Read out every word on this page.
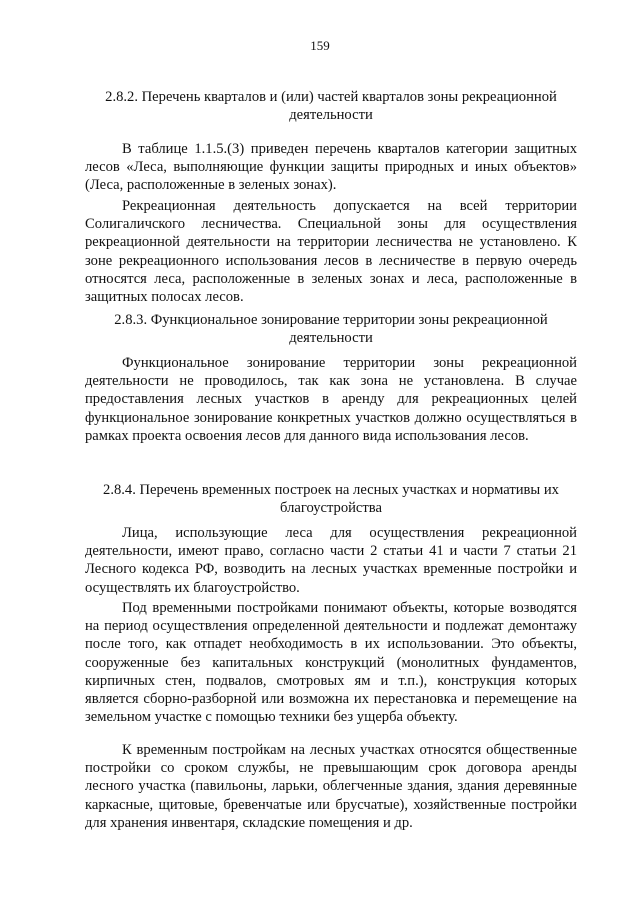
159
2.8.2. Перечень кварталов и (или) частей кварталов зоны рекреационной деятельности
В таблице 1.1.5.(3) приведен перечень кварталов категории защитных лесов «Леса, выполняющие функции защиты природных и иных объектов» (Леса, расположенные в зеленых зонах).
Рекреационная деятельность допускается на всей территории Солигаличского лесничества. Специальной зоны для осуществления рекреационной деятельности на территории лесничества не установлено. К зоне рекреационного использования лесов в лесничестве в первую очередь относятся леса, расположенные в зеленых зонах и леса, расположенные в защитных полосах лесов.
2.8.3. Функциональное зонирование территории зоны рекреационной деятельности
Функциональное зонирование территории зоны рекреационной деятельности не проводилось, так как зона не установлена. В случае предоставления лесных участков в аренду для рекреационных целей функциональное зонирование конкретных участков должно осуществляться в рамках проекта освоения лесов для данного вида использования лесов.
2.8.4. Перечень временных построек на лесных участках и нормативы их благоустройства
Лица, использующие леса для осуществления рекреационной деятельности, имеют право, согласно части 2 статьи 41 и части 7 статьи 21 Лесного кодекса РФ, возводить на лесных участках временные постройки и осуществлять их благоустройство.
Под временными постройками понимают объекты, которые возводятся на период осуществления определенной деятельности и подлежат демонтажу после того, как отпадет необходимость в их использовании. Это объекты, сооруженные без капитальных конструкций (монолитных фундаментов, кирпичных стен, подвалов, смотровых ям и т.п.), конструкция которых является сборно-разборной или возможна их перестановка и перемещение на земельном участке с помощью техники без ущерба объекту.
К временным постройкам на лесных участках относятся общественные постройки со сроком службы, не превышающим срок договора аренды лесного участка (павильоны, ларьки, облегченные здания, здания деревянные каркасные, щитовые, бревенчатые или брусчатые), хозяйственные постройки для хранения инвентаря, складские помещения и др.
